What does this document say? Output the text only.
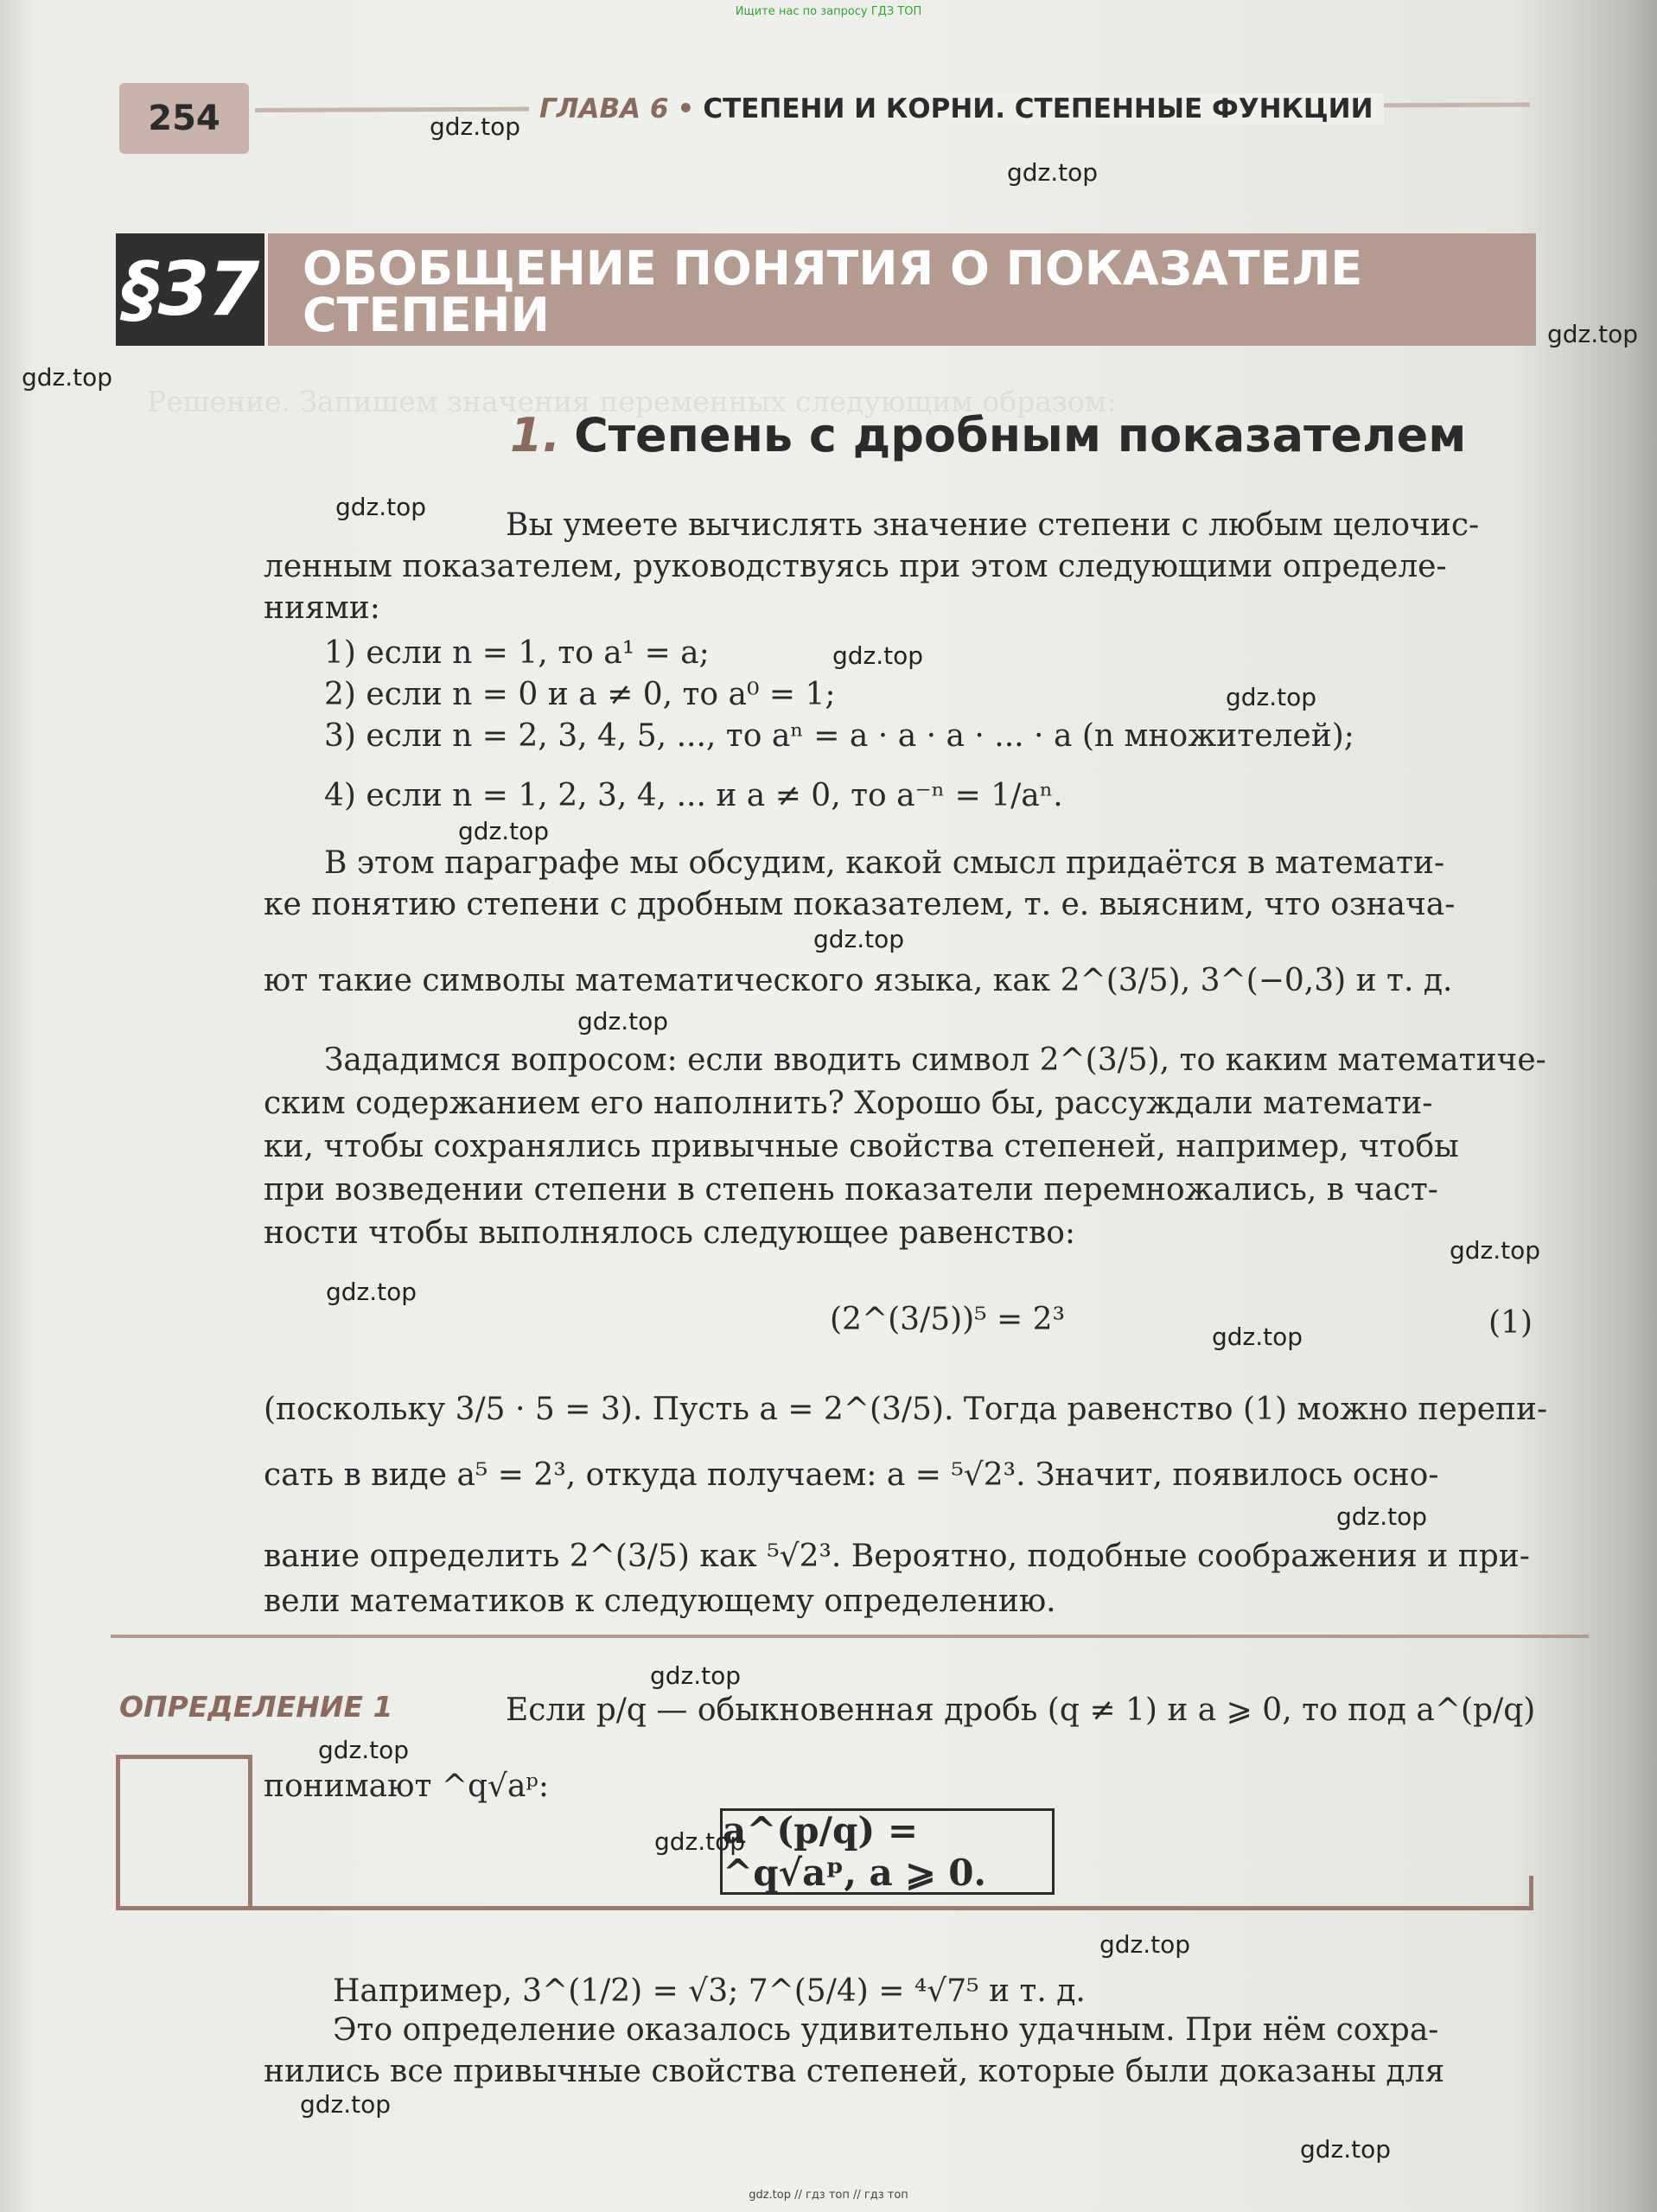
Ищите нас по запросу ГДЗ ТОП
Решение. Запишем значения переменных следующим образом:
254	ГЛАВА 6 • СТЕПЕНИ И КОРНИ. СТЕПЕННЫЕ ФУНКЦИИ
§37 ОБОБЩЕНИЕ ПОНЯТИЯ О ПОКАЗАТЕЛЕ
СТЕПЕНИ
1. Степень с дробным показателем
Вы умеете вычислять значение степени с любым целочис-
ленным показателем, руководствуясь при этом следующими определе-
ниями:
1) если n = 1, то a¹ = a;
2) если n = 0 и a ≠ 0, то a⁰ = 1;
3) если n = 2, 3, 4, 5, ..., то aⁿ = a · a · a · ... · a (n множителей);
4) если n = 1, 2, 3, 4, ... и a ≠ 0, то a⁻ⁿ = 1/aⁿ.
В этом параграфе мы обсудим, какой смысл придаётся в математи-
ке понятию степени с дробным показателем, т. е. выясним, что означа-
ют такие символы математического языка, как 2^(3/5), 3^(−0,3) и т. д.
Зададимся вопросом: если вводить символ 2^(3/5), то каким математиче-
ским содержанием его наполнить? Хорошо бы, рассуждали математи-
ки, чтобы сохранялись привычные свойства степеней, например, чтобы
при возведении степени в степень показатели перемножались, в част-
ности чтобы выполнялось следующее равенство:
(2^(3/5))⁵ = 2³	(1)
(поскольку 3/5 · 5 = 3). Пусть a = 2^(3/5). Тогда равенство (1) можно перепи-
сать в виде a⁵ = 2³, откуда получаем: a = ⁵√2³. Значит, появилось осно-
вание определить 2^(3/5) как ⁵√2³. Вероятно, подобные соображения и при-
вели математиков к следующему определению.
ОПРЕДЕЛЕНИЕ 1	Если p/q — обыкновенная дробь (q ≠ 1) и a ⩾ 0, то под a^(p/q)
понимают ^q√aᵖ:
a^(p/q) = ^q√aᵖ, a ⩾ 0.
Например, 3^(1/2) = √3; 7^(5/4) = ⁴√7⁵ и т. д.
Это определение оказалось удивительно удачным. При нём сохра-
нились все привычные свойства степеней, которые были доказаны для
gdz.top
gdz.top
gdz.top
gdz.top
gdz.top
gdz.top
gdz.top
gdz.top
gdz.top
gdz.top
gdz.top
gdz.top
gdz.top
gdz.top
gdz.top
gdz.top
gdz.top
gdz.top
gdz.top
gdz.top
gdz.top // гдз топ // гдз топ
